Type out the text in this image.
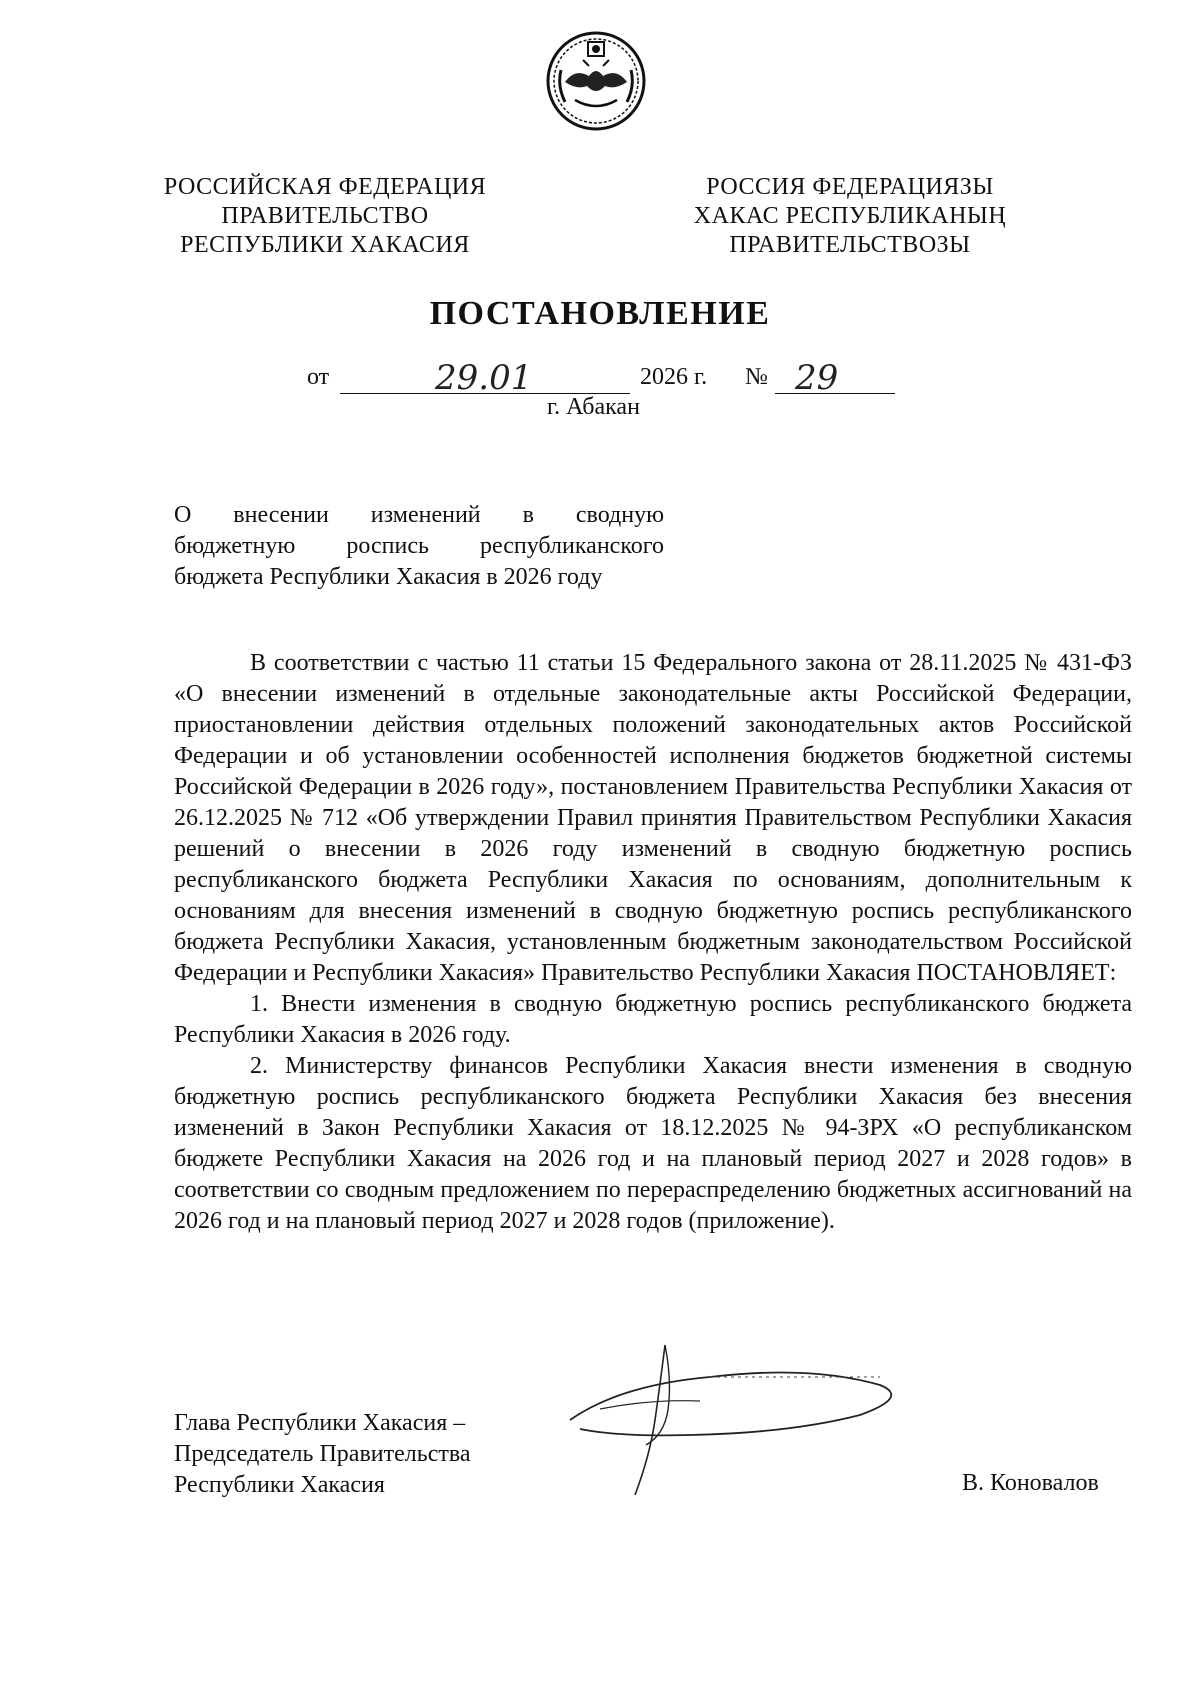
РОССИЙСКАЯ ФЕДЕРАЦИЯ
ПРАВИТЕЛЬСТВО
РЕСПУБЛИКИ ХАКАСИЯ
РОССИЯ ФЕДЕРАЦИЯЗЫ
ХАКАС РЕСПУБЛИКАНЫҢ
ПРАВИТЕЛЬСТВОЗЫ
ПОСТАНОВЛЕНИЕ
от	29.01	2026 г. № 29
г. Абакан
О внесении изменений в сводную
бюджетную роспись республиканского
бюджета Республики Хакасия в 2026 году

В соответствии с частью 11 статьи 15 Федерального закона от 28.11.2025 № 431-ФЗ «О внесении изменений в отдельные законодательные акты Российской Федерации, приостановлении действия отдельных положений законодательных актов Российской Федерации и об установлении особенностей исполнения бюджетов бюджетной системы Российской Федерации в 2026 году», постановлением Правительства Республики Хакасия от 26.12.2025 № 712 «Об утверждении Правил принятия Правительством Республики Хакасия решений о внесении в 2026 году изменений в сводную бюджетную роспись республиканского бюджета Республики Хакасия по основаниям, дополнительным к основаниям для внесения изменений в сводную бюджетную роспись республиканского бюджета Республики Хакасия, установленным бюджетным законодательством Российской Федерации и Республики Хакасия» Правительство Республики Хакасия ПОСТАНОВЛЯЕТ:

1. Внести изменения в сводную бюджетную роспись республиканского бюджета Республики Хакасия в 2026 году.

2. Министерству финансов Республики Хакасия внести изменения в сводную бюджетную роспись республиканского бюджета Республики Хакасия без внесения изменений в Закон Республики Хакасия от 18.12.2025 № 94-ЗРХ «О республиканском бюджете Республики Хакасия на 2026 год и на плановый период 2027 и 2028 годов» в соответствии со сводным предложением по перераспределению бюджетных ассигнований на 2026 год и на плановый период 2027 и 2028 годов (приложение).

Глава Республики Хакасия –
Председатель Правительства
Республики Хакасия	В. Коновалов
